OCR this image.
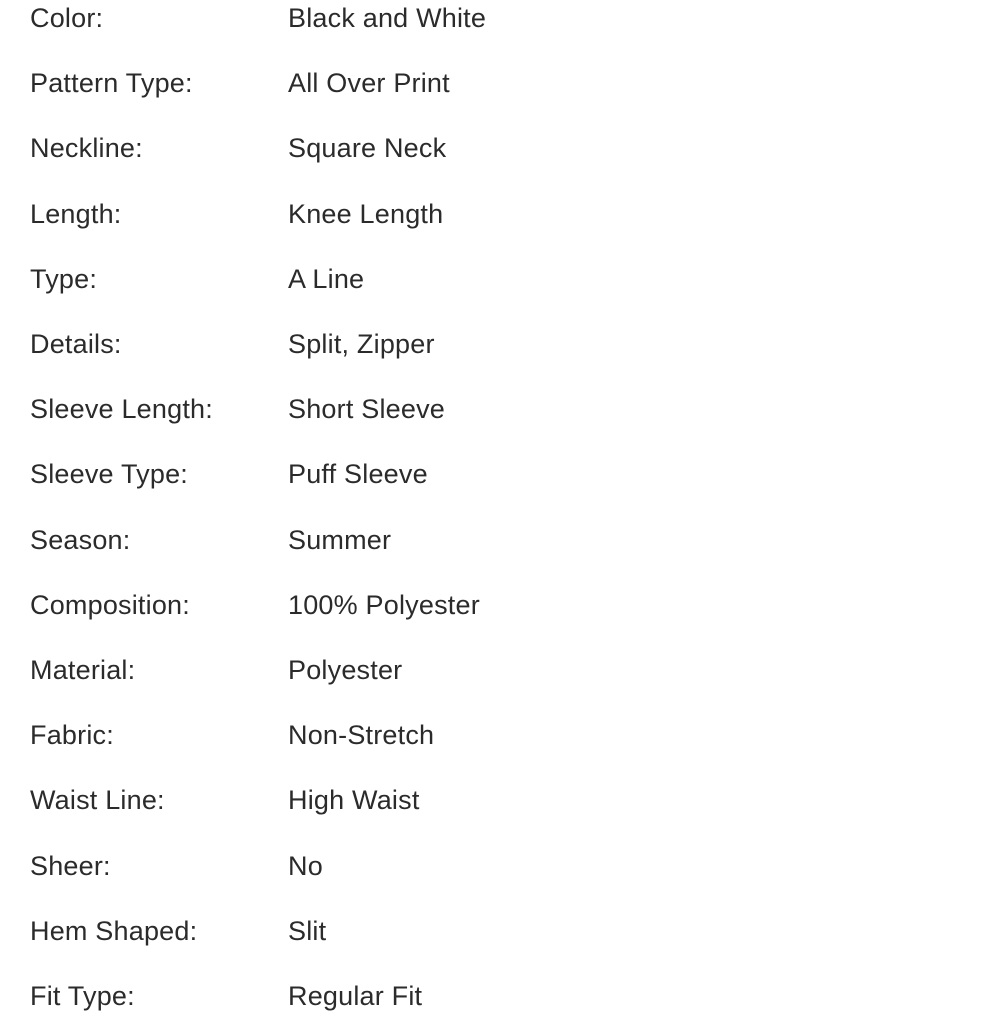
Color:	Black and White
Pattern Type:	All Over Print
Neckline:	Square Neck
Length:	Knee Length
Type:	A Line
Details:	Split, Zipper
Sleeve Length:	Short Sleeve
Sleeve Type:	Puff Sleeve
Season:	Summer
Composition:	100% Polyester
Material:	Polyester
Fabric:	Non-Stretch
Waist Line:	High Waist
Sheer:	No
Hem Shaped:	Slit
Fit Type:	Regular Fit
